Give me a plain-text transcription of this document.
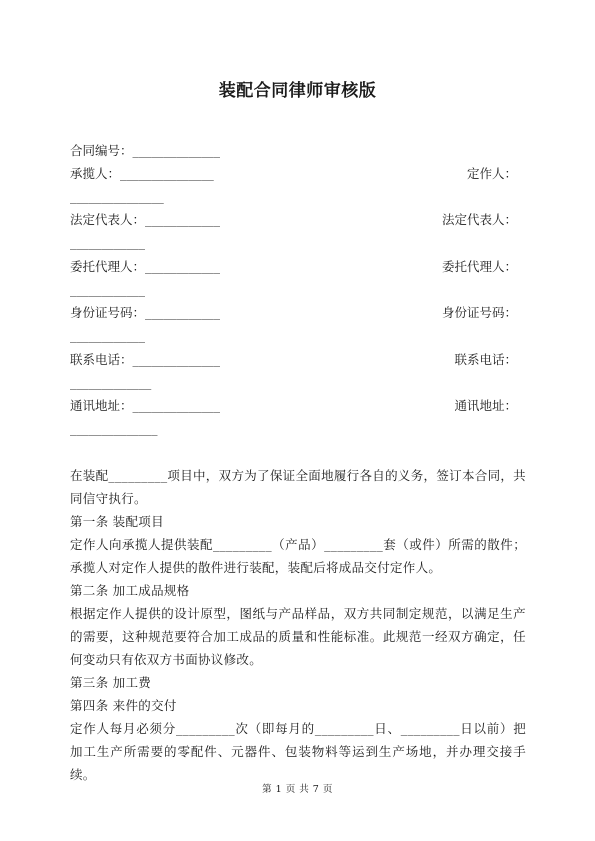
装配合同律师审核版
合同编号：______________
承揽人：_______________	定作人：
_______________
法定代表人：____________	法定代表人：
____________
委托代理人：____________	委托代理人：
____________
身份证号码：____________	身份证号码：
____________
联系电话：______________	联系电话：
_____________
通讯地址：______________	通讯地址：
______________
在装配_________项目中，双方为了保证全面地履行各自的义务，签订本合同，共同信守执行。
第一条 装配项目
定作人向承揽人提供装配_________（产品）_________套（或件）所需的散件；承揽人对定作人提供的散件进行装配，装配后将成品交付定作人。
第二条 加工成品规格
根据定作人提供的设计原型，图纸与产品样品，双方共同制定规范，以满足生产的需要，这种规范要符合加工成品的质量和性能标准。此规范一经双方确定，任何变动只有依双方书面协议修改。
第三条 加工费
第四条 来件的交付
定作人每月必须分_________次（即每月的_________日、_________日以前）把加工生产所需要的零配件、元器件、包装物料等运到生产场地，并办理交接手续。
第 1 页 共 7 页
